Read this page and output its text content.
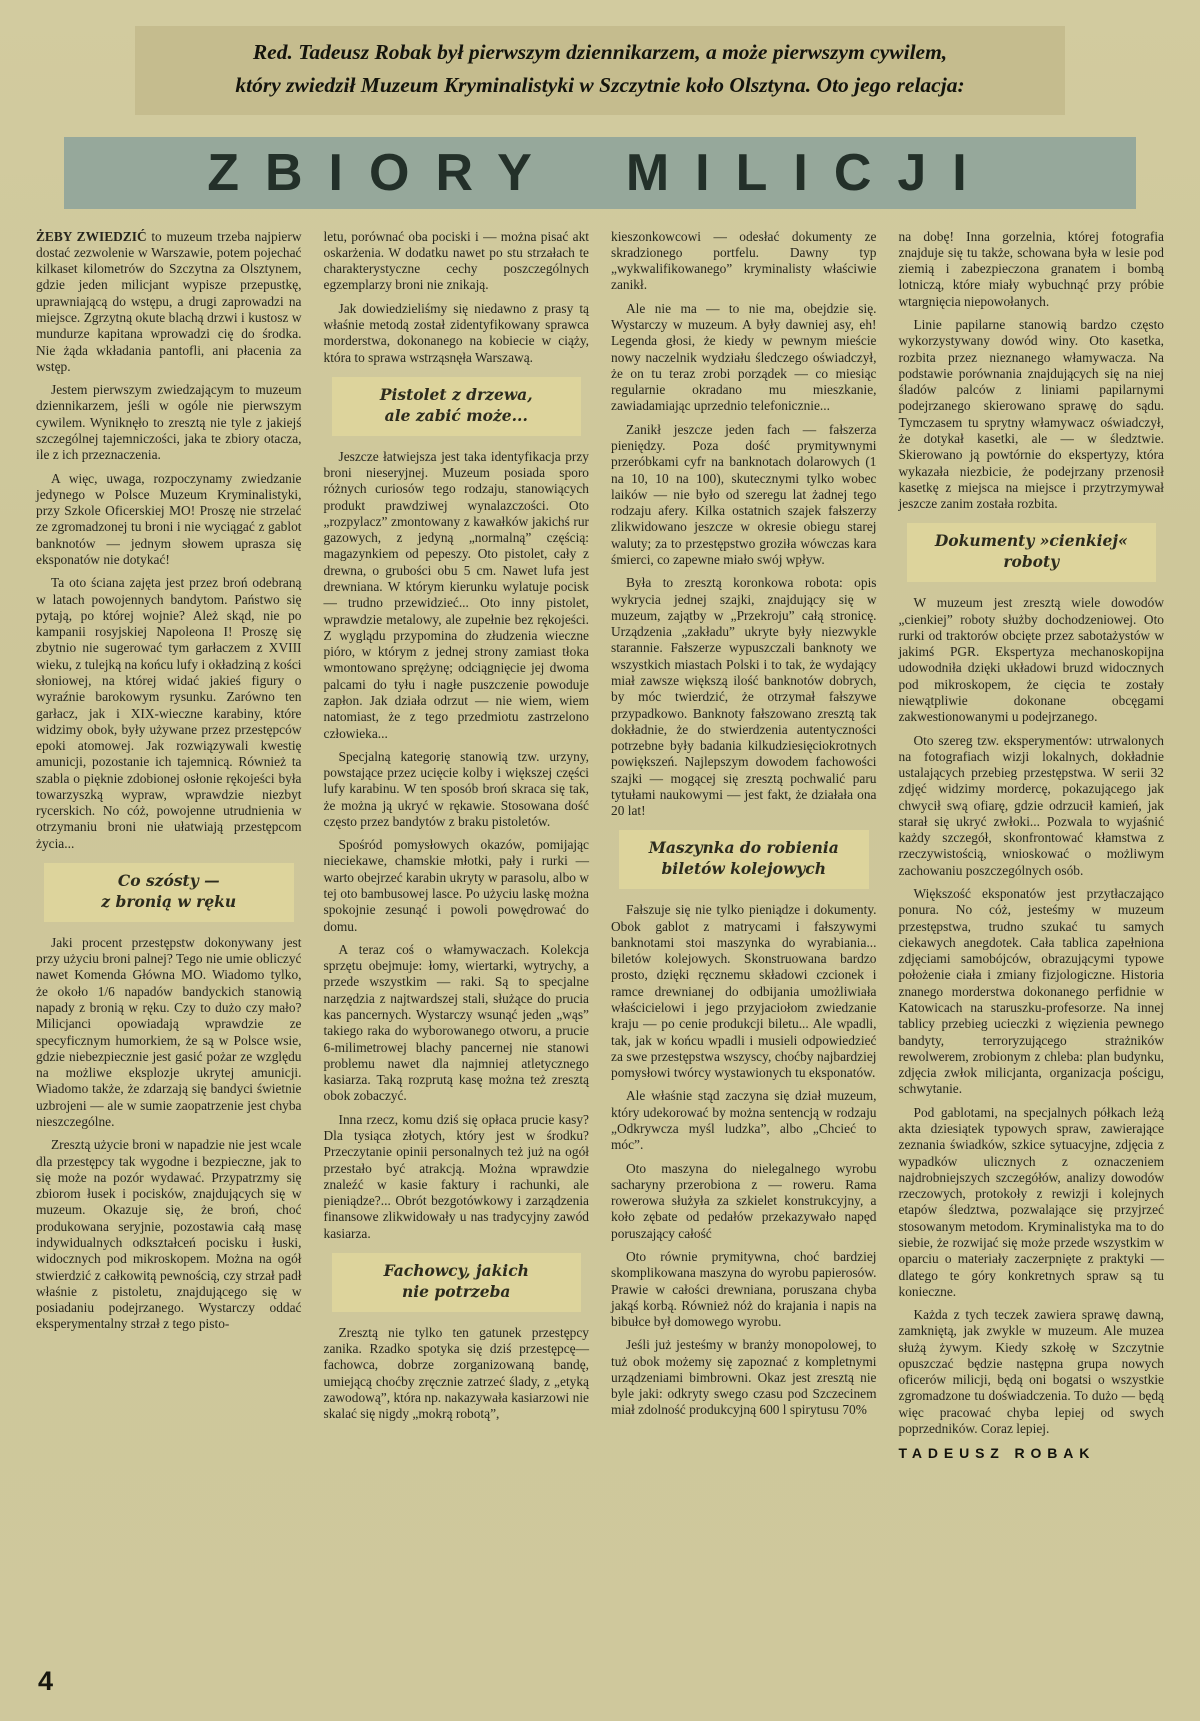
Red. Tadeusz Robak był pierwszym dziennikarzem, a może pierwszym cywilem,
który zwiedził Muzeum Kryminalistyki w Szczytnie koło Olsztyna. Oto jego relacja:
ZBIORY MILICJI

ŻEBY ZWIEDZIĆ to muzeum trzeba najpierw dostać zezwolenie w Warszawie, potem pojechać kilkaset kilometrów do Szczytna za Olsztynem, gdzie jeden milicjant wypisze przepustkę, uprawniającą do wstępu, a drugi zaprowadzi na miejsce. Zgrzytną okute blachą drzwi i kustosz w mundurze kapitana wprowadzi cię do środka. Nie żąda wkładania pantofli, ani płacenia za wstęp.

Jestem pierwszym zwiedzającym to muzeum dziennikarzem, jeśli w ogóle nie pierwszym cywilem. Wyniknęło to zresztą nie tyle z jakiejś szczególnej tajemniczości, jaka te zbiory otacza, ile z ich przeznaczenia.

A więc, uwaga, rozpoczynamy zwiedzanie jedynego w Polsce Muzeum Kryminalistyki, przy Szkole Oficerskiej MO! Proszę nie strzelać ze zgromadzonej tu broni i nie wyciągać z gablot banknotów — jednym słowem uprasza się eksponatów nie dotykać!

Ta oto ściana zajęta jest przez broń odebraną w latach powojennych bandytom. Państwo się pytają, po której wojnie? Ależ skąd, nie po kampanii rosyjskiej Napoleona I! Proszę się zbytnio nie sugerować tym garłaczem z XVIII wieku, z tulejką na końcu lufy i okładziną z kości słoniowej, na której widać jakieś figury o wyraźnie barokowym rysunku. Zarówno ten garłacz, jak i XIX-wieczne karabiny, które widzimy obok, były używane przez przestępców epoki atomowej. Jak rozwiązywali kwestię amunicji, pozostanie ich tajemnicą. Również ta szabla o pięknie zdobionej osłonie rękojeści była towarzyszką wypraw, wprawdzie niezbyt rycerskich. No cóż, powojenne utrudnienia w otrzymaniu broni nie ułatwiają przestępcom życia...

Co szósty —
z bronią w ręku

Jaki procent przestępstw dokonywany jest przy użyciu broni palnej? Tego nie umie obliczyć nawet Komenda Główna MO. Wiadomo tylko, że około 1/6 napadów bandyckich stanowią napady z bronią w ręku. Czy to dużo czy mało? Milicjanci opowiadają wprawdzie ze specyficznym humorkiem, że są w Polsce wsie, gdzie niebezpiecznie jest gasić pożar ze względu na możliwe eksplozje ukrytej amunicji. Wiadomo także, że zdarzają się bandyci świetnie uzbrojeni — ale w sumie zaopatrzenie jest chyba nieszczególne.

Zresztą użycie broni w napadzie nie jest wcale dla przestępcy tak wygodne i bezpieczne, jak to się może na pozór wydawać. Przypatrzmy się zbiorom łusek i pocisków, znajdujących się w muzeum. Okazuje się, że broń, choć produkowana seryjnie, pozostawia całą masę indywidualnych odkształceń pocisku i łuski, widocznych pod mikroskopem. Można na ogół stwierdzić z całkowitą pewnością, czy strzał padł właśnie z pistoletu, znajdującego się w posiadaniu podejrzanego. Wystarczy oddać eksperymentalny strzał z tego pisto-

letu, porównać oba pociski i — można pisać akt oskarżenia. W dodatku nawet po stu strzałach te charakterystyczne cechy poszczególnych egzemplarzy broni nie znikają.

Jak dowiedzieliśmy się niedawno z prasy tą właśnie metodą został zidentyfikowany sprawca morderstwa, dokonanego na kobiecie w ciąży, która to sprawa wstrząsnęła Warszawą.

Pistolet z drzewa,
ale zabić może...

Jeszcze łatwiejsza jest taka identyfikacja przy broni nieseryjnej. Muzeum posiada sporo różnych curiosów tego rodzaju, stanowiących produkt prawdziwej wynalazczości. Oto „rozpylacz” zmontowany z kawałków jakichś rur gazowych, z jedyną „normalną” częścią: magazynkiem od pepeszy. Oto pistolet, cały z drewna, o grubości obu 5 cm. Nawet lufa jest drewniana. W którym kierunku wylatuje pocisk — trudno przewidzieć... Oto inny pistolet, wprawdzie metalowy, ale zupełnie bez rękojeści. Z wyglądu przypomina do złudzenia wieczne pióro, w którym z jednej strony zamiast tłoka wmontowano sprężynę; odciągnięcie jej dwoma palcami do tyłu i nagłe puszczenie powoduje zapłon. Jak działa odrzut — nie wiem, wiem natomiast, że z tego przedmiotu zastrzelono człowieka...

Specjalną kategorię stanowią tzw. urzyny, powstające przez ucięcie kolby i większej części lufy karabinu. W ten sposób broń skraca się tak, że można ją ukryć w rękawie. Stosowana dość często przez bandytów z braku pistoletów.

Spośród pomysłowych okazów, pomijając nieciekawe, chamskie młotki, pały i rurki — warto obejrzeć karabin ukryty w parasolu, albo w tej oto bambusowej lasce. Po użyciu laskę można spokojnie zesunąć i powoli powędrować do domu.

A teraz coś o włamywaczach. Kolekcja sprzętu obejmuje: łomy, wiertarki, wytrychy, a przede wszystkim — raki. Są to specjalne narzędzia z najtwardszej stali, służące do prucia kas pancernych. Wystarczy wsunąć jeden „wąs” takiego raka do wyborowanego otworu, a prucie 6-milimetrowej blachy pancernej nie stanowi problemu nawet dla najmniej atletycznego kasiarza. Taką rozprutą kasę można też zresztą obok zobaczyć.

Inna rzecz, komu dziś się opłaca prucie kasy? Dla tysiąca złotych, który jest w środku? Przeczytanie opinii personalnych też już na ogół przestało być atrakcją. Można wprawdzie znaleźć w kasie faktury i rachunki, ale pieniądze?... Obrót bezgotówkowy i zarządzenia finansowe zlikwidowały u nas tradycyjny zawód kasiarza.

Fachowcy, jakich
nie potrzeba

Zresztą nie tylko ten gatunek przestępcy zanika. Rzadko spotyka się dziś przestępcę—fachowca, dobrze zorganizowaną bandę, umiejącą choćby zręcznie zatrzeć ślady, z „etyką zawodową”, która np. nakazywała kasiarzowi nie skalać się nigdy „mokrą robotą”,

kieszonkowcowi — odesłać dokumenty ze skradzionego portfelu. Dawny typ „wykwalifikowanego” kryminalisty właściwie zanikł.

Ale nie ma — to nie ma, obejdzie się. Wystarczy w muzeum. A były dawniej asy, eh! Legenda głosi, że kiedy w pewnym mieście nowy naczelnik wydziału śledczego oświadczył, że on tu teraz zrobi porządek — co miesiąc regularnie okradano mu mieszkanie, zawiadamiając uprzednio telefonicznie...

Zanikł jeszcze jeden fach — fałszerza pieniędzy. Poza dość prymitywnymi przeróbkami cyfr na banknotach dolarowych (1 na 10, 10 na 100), skutecznymi tylko wobec laików — nie było od szeregu lat żadnej tego rodzaju afery. Kilka ostatnich szajek fałszerzy zlikwidowano jeszcze w okresie obiegu starej waluty; za to przestępstwo groziła wówczas kara śmierci, co zapewne miało swój wpływ.

Była to zresztą koronkowa robota: opis wykrycia jednej szajki, znajdujący się w muzeum, zajątby w „Przekroju” całą stronicę. Urządzenia „zakładu” ukryte były niezwykle starannie. Fałszerze wypuszczali banknoty we wszystkich miastach Polski i to tak, że wydający miał zawsze większą ilość banknotów dobrych, by móc twierdzić, że otrzymał fałszywe przypadkowo. Banknoty fałszowano zresztą tak dokładnie, że do stwierdzenia autentyczności potrzebne były badania kilkudziesięciokrotnych powiększeń. Najlepszym dowodem fachowości szajki — mogącej się zresztą pochwalić paru tytułami naukowymi — jest fakt, że działała ona 20 lat!

Maszynka do robienia
biletów kolejowych

Fałszuje się nie tylko pieniądze i dokumenty. Obok gablot z matrycami i fałszywymi banknotami stoi maszynka do wyrabiania... biletów kolejowych. Skonstruowana bardzo prosto, dzięki ręcznemu składowi czcionek i ramce drewnianej do odbijania umożliwiała właścicielowi i jego przyjaciołom zwiedzanie kraju — po cenie produkcji biletu... Ale wpadli, tak, jak w końcu wpadli i musieli odpowiedzieć za swe przestępstwa wszyscy, choćby najbardziej pomysłowi twórcy wystawionych tu eksponatów.

Ale właśnie stąd zaczyna się dział muzeum, który udekorować by można sentencją w rodzaju „Odkrywcza myśl ludzka”, albo „Chcieć to móc”.

Oto maszyna do nielegalnego wyrobu sacharyny przerobiona z — roweru. Rama rowerowa służyła za szkielet konstrukcyjny, a koło zębate od pedałów przekazywało napęd poruszający całość

Oto równie prymitywna, choć bardziej skomplikowana maszyna do wyrobu papierosów. Prawie w całości drewniana, poruszana chyba jakąś korbą. Również nóż do krajania i napis na bibułce był domowego wyrobu.

Jeśli już jesteśmy w branży monopolowej, to tuż obok możemy się zapoznać z kompletnymi urządzeniami bimbrowni. Okaz jest zresztą nie byle jaki: odkryty swego czasu pod Szczecinem miał zdolność produkcyjną 600 l spirytusu 70%

na dobę! Inna gorzelnia, której fotografia znajduje się tu także, schowana była w lesie pod ziemią i zabezpieczona granatem i bombą lotniczą, które miały wybuchnąć przy próbie wtargnięcia niepowołanych.

Linie papilarne stanowią bardzo często wykorzystywany dowód winy. Oto kasetka, rozbita przez nieznanego włamywacza. Na podstawie porównania znajdujących się na niej śladów palców z liniami papilarnymi podejrzanego skierowano sprawę do sądu. Tymczasem tu sprytny włamywacz oświadczył, że dotykał kasetki, ale — w śledztwie. Skierowano ją powtórnie do ekspertyzy, która wykazała niezbicie, że podejrzany przenosił kasetkę z miejsca na miejsce i przytrzymywał jeszcze zanim została rozbita.

Dokumenty »cienkiej«
roboty

W muzeum jest zresztą wiele dowodów „cienkiej” roboty służby dochodzeniowej. Oto rurki od traktorów obcięte przez sabotażystów w jakimś PGR. Ekspertyza mechanoskopijna udowodniła dzięki układowi bruzd widocznych pod mikroskopem, że cięcia te zostały niewątpliwie dokonane obcęgami zakwestionowanymi u podejrzanego.

Oto szereg tzw. eksperymentów: utrwalonych na fotografiach wizji lokalnych, dokładnie ustalających przebieg przestępstwa. W serii 32 zdjęć widzimy mordercę, pokazującego jak chwycił swą ofiarę, gdzie odrzucił kamień, jak starał się ukryć zwłoki... Pozwala to wyjaśnić każdy szczegół, skonfrontować kłamstwa z rzeczywistością, wnioskować o możliwym zachowaniu poszczególnych osób.

Większość eksponatów jest przytłaczająco ponura. No cóż, jesteśmy w muzeum przestępstwa, trudno szukać tu samych ciekawych anegdotek. Cała tablica zapełniona zdjęciami samobójców, obrazującymi typowe położenie ciała i zmiany fizjologiczne. Historia znanego morderstwa dokonanego perfidnie w Katowicach na staruszku-profesorze. Na innej tablicy przebieg ucieczki z więzienia pewnego bandyty, terroryzującego strażników rewolwerem, zrobionym z chleba: plan budynku, zdjęcia zwłok milicjanta, organizacja pościgu, schwytanie.

Pod gablotami, na specjalnych półkach leżą akta dziesiątek typowych spraw, zawierające zeznania świadków, szkice sytuacyjne, zdjęcia z wypadków ulicznych z oznaczeniem najdrobniejszych szczegółów, analizy dowodów rzeczowych, protokoły z rewizji i kolejnych etapów śledztwa, pozwalające się przyjrzeć stosowanym metodom. Kryminalistyka ma to do siebie, że rozwijać się może przede wszystkim w oparciu o materiały zaczerpnięte z praktyki — dlatego te góry konkretnych spraw są tu konieczne.

Każda z tych teczek zawiera sprawę dawną, zamkniętą, jak zwykle w muzeum. Ale muzea służą żywym. Kiedy szkołę w Szczytnie opuszczać będzie następna grupa nowych oficerów milicji, będą oni bogatsi o wszystkie zgromadzone tu doświadczenia. To dużo — będą więc pracować chyba lepiej od swych poprzedników. Coraz lepiej.

TADEUSZ ROBAK
4
